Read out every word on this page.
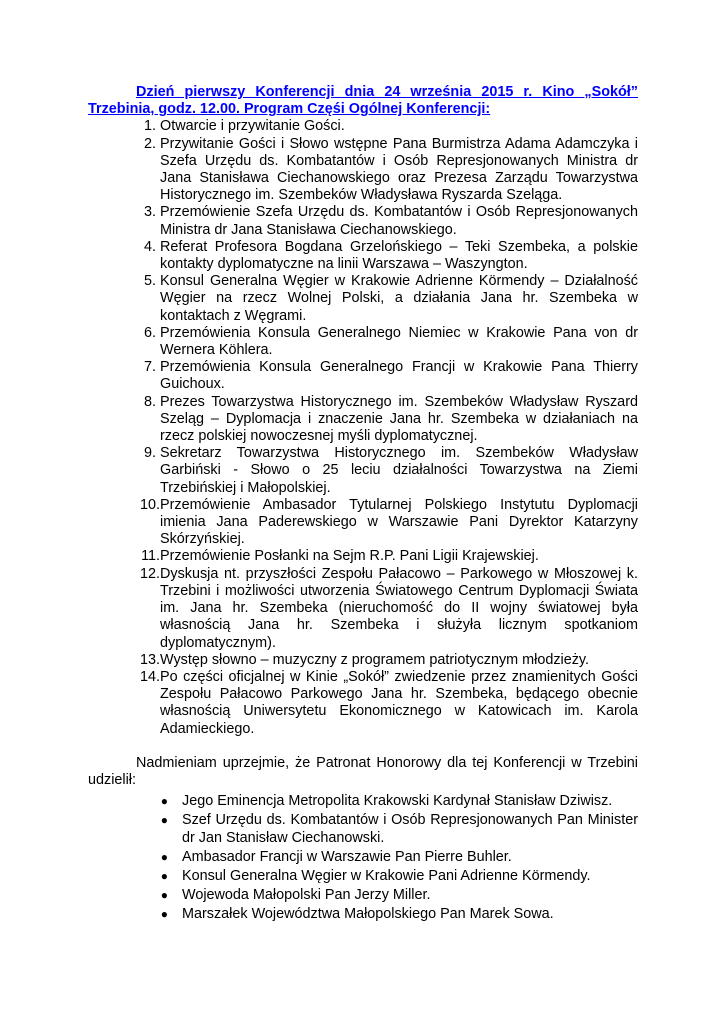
Dzień pierwszy Konferencji dnia 24 września 2015 r. Kino „Sokół” Trzebinia, godz. 12.00. Program Częśi Ogólnej Konferencji:

1. Otwarcie i przywitanie Gości.
2. Przywitanie Gości i Słowo wstępne Pana Burmistrza Adama Adamczyka i Szefa Urzędu ds. Kombatantów i Osób Represjonowanych Ministra dr Jana Stanisława Ciechanowskiego oraz Prezesa Zarządu Towarzystwa Historycznego im. Szembeków Władysława Ryszarda Szeląga.
3. Przemówienie Szefa Urzędu ds. Kombatantów i Osób Represjonowanych Ministra dr Jana Stanisława Ciechanowskiego.
4. Referat Profesora Bogdana Grzelońskiego – Teki Szembeka, a polskie kontakty dyplomatyczne na linii Warszawa – Waszyngton.
5. Konsul Generalna Węgier w Krakowie Adrienne Körmendy – Działalność Węgier na rzecz Wolnej Polski, a działania Jana hr. Szembeka w kontaktach z Węgrami.
6. Przemówienia Konsula Generalnego Niemiec w Krakowie Pana von dr Wernera Köhlera.
7. Przemówienia Konsula Generalnego Francji w Krakowie Pana Thierry Guichoux.
8. Prezes Towarzystwa Historycznego im. Szembeków Władysław Ryszard Szeląg – Dyplomacja i znaczenie Jana hr. Szembeka w działaniach na rzecz polskiej nowoczesnej myśli dyplomatycznej.
9. Sekretarz Towarzystwa Historycznego im. Szembeków Władysław Garbiński - Słowo o 25 leciu działalności Towarzystwa na Ziemi Trzebińskiej i Małopolskiej.
10. Przemówienie Ambasador Tytularnej Polskiego Instytutu Dyplomacji imienia Jana Paderewskiego w Warszawie Pani Dyrektor Katarzyny Skórzyńskiej.
11. Przemówienie Posłanki na Sejm R.P. Pani Ligii Krajewskiej.
12. Dyskusja nt. przyszłości Zespołu Pałacowo – Parkowego w Młoszowej k. Trzebini i możliwości utworzenia Światowego Centrum Dyplomacji Świata im. Jana hr. Szembeka (nieruchomość do II wojny światowej była własnością Jana hr. Szembeka i służyła licznym spotkaniom dyplomatycznym).
13. Występ słowno – muzyczny z programem patriotycznym młodzieży.
14. Po części oficjalnej w Kinie „Sokół” zwiedzenie przez znamienitych Gości Zespołu Pałacowo Parkowego Jana hr. Szembeka, będącego obecnie własnością Uniwersytetu Ekonomicznego w Katowicach im. Karola Adamieckiego.

Nadmieniam uprzejmie, że Patronat Honorowy dla tej Konferencji w Trzebini udzielił:

● Jego Eminencja Metropolita Krakowski Kardynał Stanisław Dziwisz.
● Szef Urzędu ds. Kombatantów i Osób Represjonowanych Pan Minister dr Jan Stanisław Ciechanowski.
● Ambasador Francji w Warszawie Pan Pierre Buhler.
● Konsul Generalna Węgier w Krakowie Pani Adrienne Körmendy.
● Wojewoda Małopolski Pan Jerzy Miller.
● Marszałek Województwa Małopolskiego Pan Marek Sowa.
